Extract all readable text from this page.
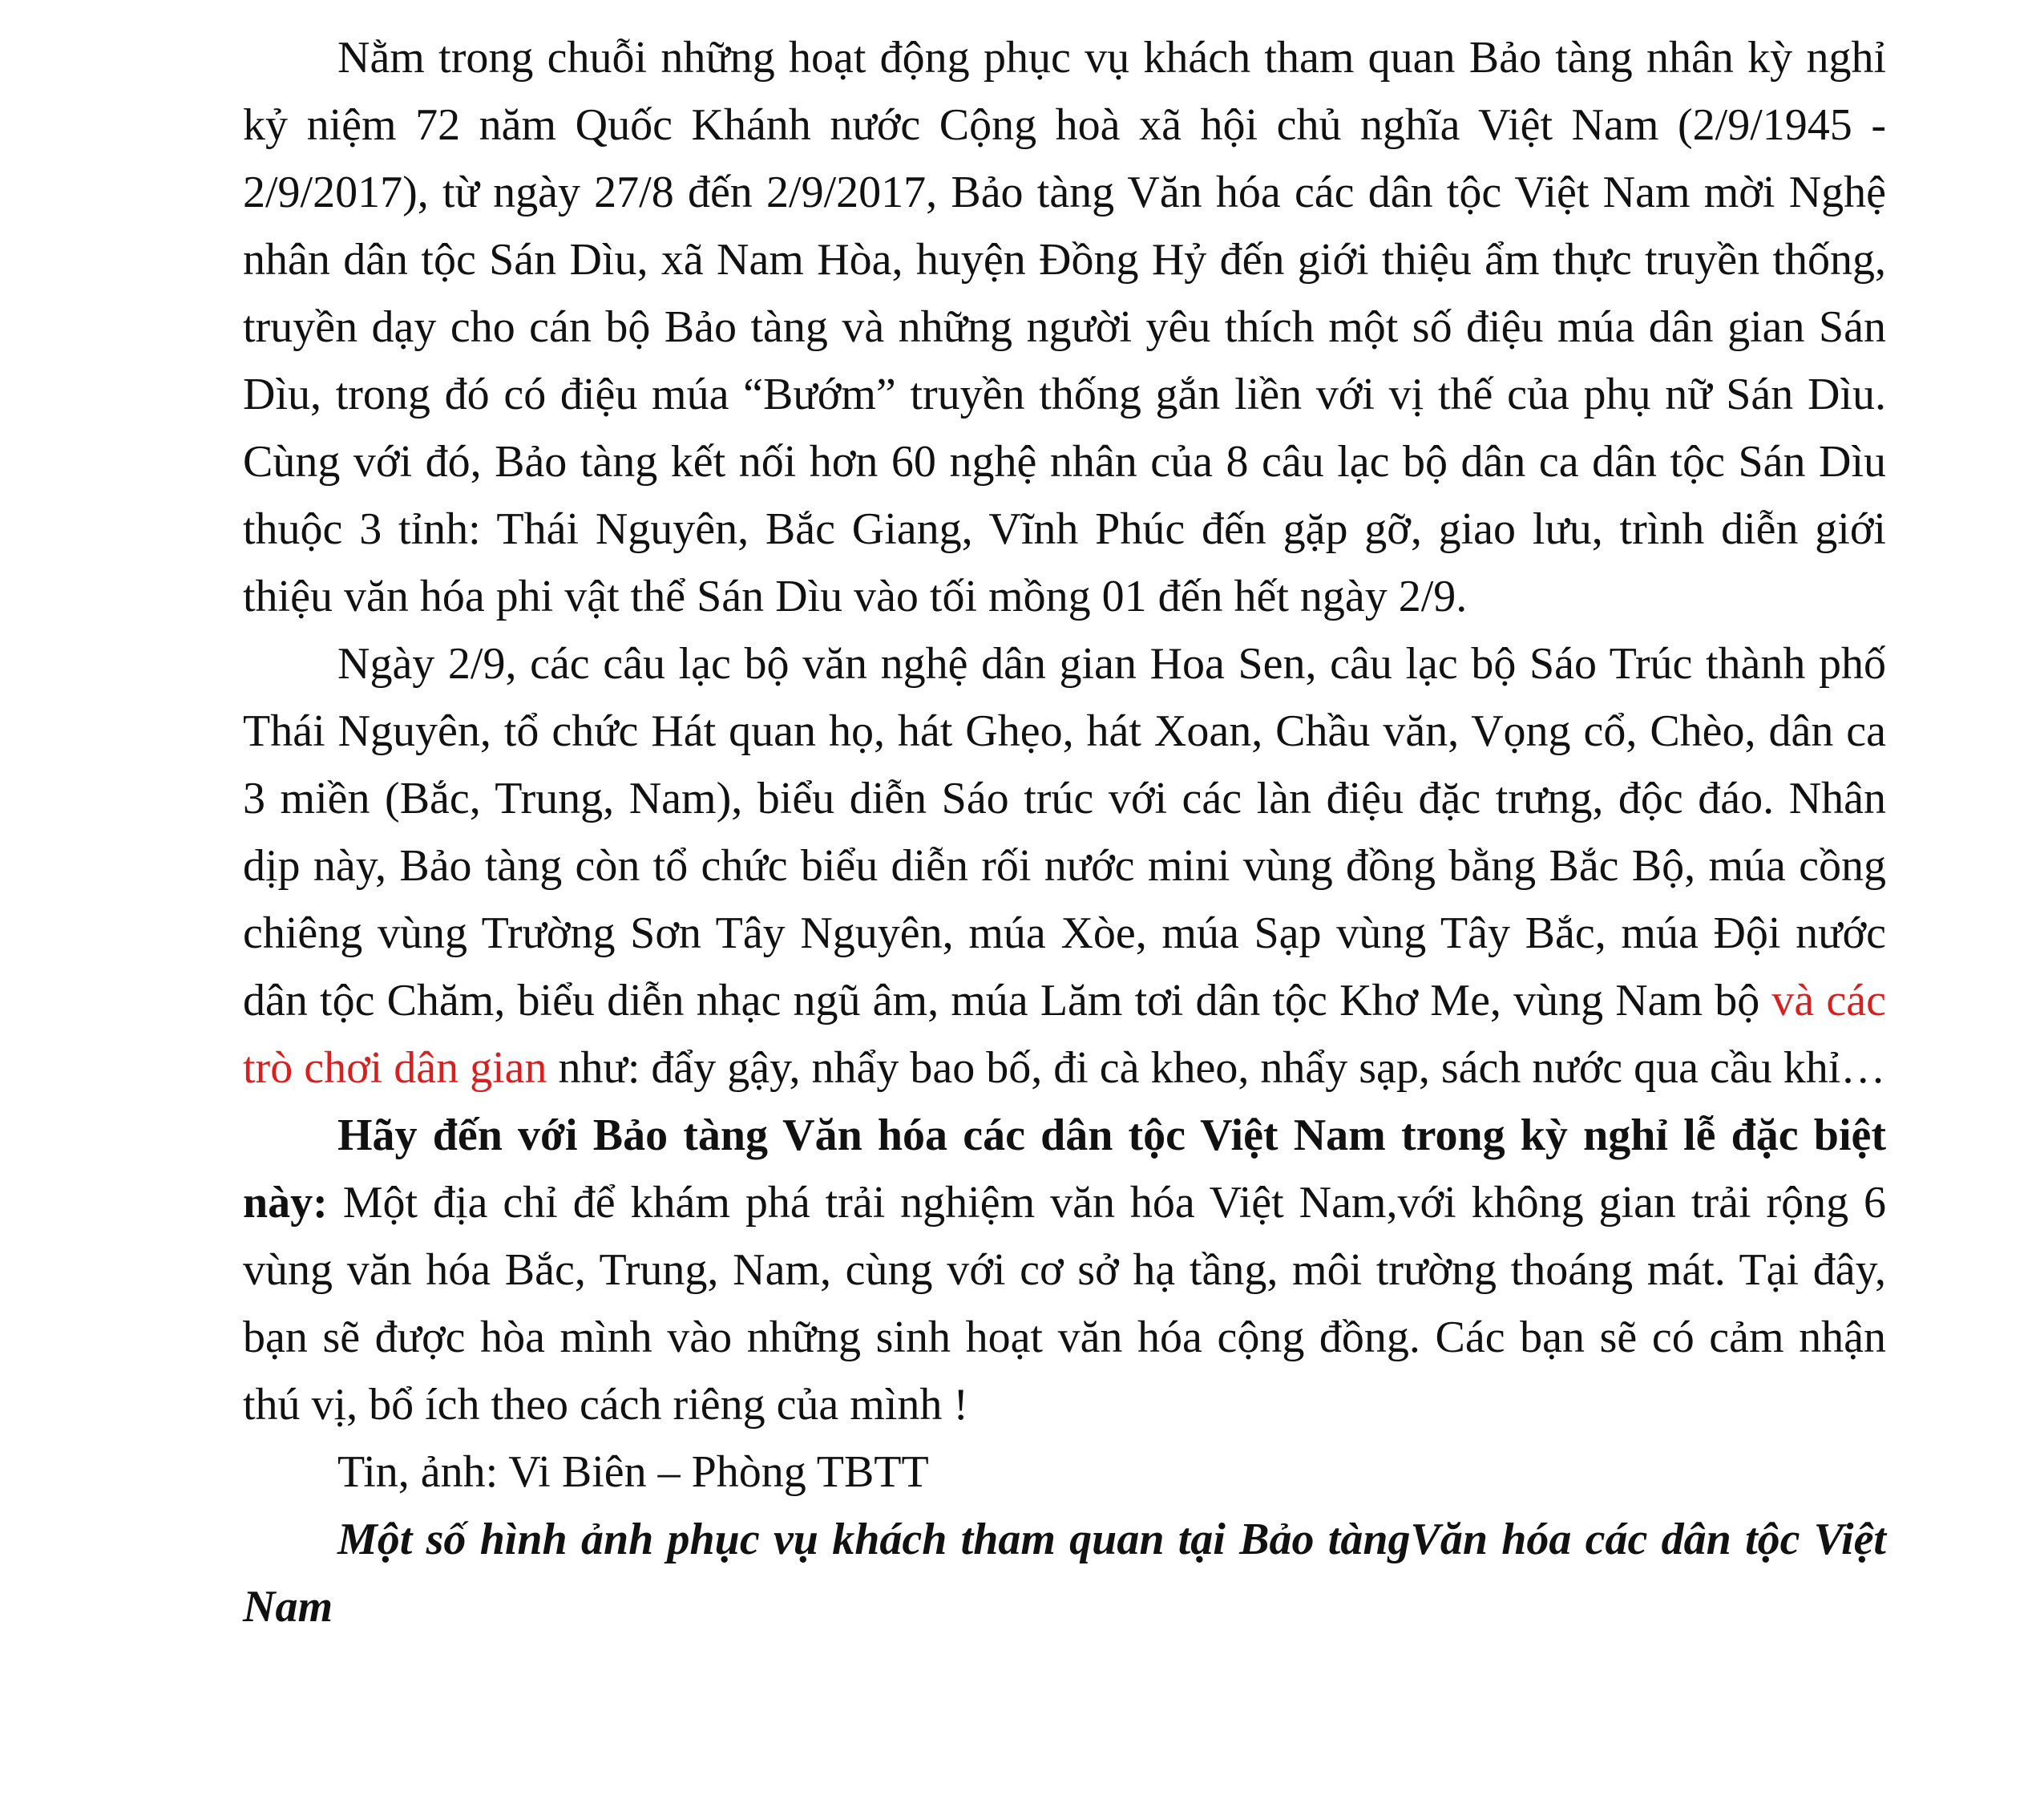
Nằm trong chuỗi những hoạt động phục vụ khách tham quan Bảo tàng nhân kỳ nghỉ kỷ niệm 72 năm Quốc Khánh nước Cộng hoà xã hội chủ nghĩa Việt Nam (2/9/1945 - 2/9/2017), từ ngày 27/8 đến 2/9/2017, Bảo tàng Văn hóa các dân tộc Việt Nam mời Nghệ nhân dân tộc Sán Dìu, xã Nam Hòa, huyện Đồng Hỷ đến giới thiệu ẩm thực truyền thống, truyền dạy cho cán bộ Bảo tàng và những người yêu thích một số điệu múa dân gian Sán Dìu, trong đó có điệu múa “Bướm” truyền thống gắn liền với vị thế của phụ nữ Sán Dìu. Cùng với đó, Bảo tàng kết nối hơn 60 nghệ nhân của 8 câu lạc bộ dân ca dân tộc Sán Dìu thuộc 3 tỉnh: Thái Nguyên, Bắc Giang, Vĩnh Phúc đến gặp gỡ, giao lưu, trình diễn giới thiệu văn hóa phi vật thể Sán Dìu vào tối mồng 01 đến hết ngày 2/9.

Ngày 2/9, các câu lạc bộ văn nghệ dân gian Hoa Sen, câu lạc bộ Sáo Trúc thành phố Thái Nguyên, tổ chức Hát quan họ, hát Ghẹo, hát Xoan, Chầu văn, Vọng cổ, Chèo, dân ca 3 miền (Bắc, Trung, Nam), biểu diễn Sáo trúc với các làn điệu đặc trưng, độc đáo. Nhân dịp này, Bảo tàng còn tổ chức biểu diễn rối nước mini vùng đồng bằng Bắc Bộ, múa cồng chiêng vùng Trường Sơn Tây Nguyên, múa Xòe, múa Sạp vùng Tây Bắc, múa Đội nước dân tộc Chăm, biểu diễn nhạc ngũ âm, múa Lăm tơi dân tộc Khơ Me, vùng Nam bộ và các trò chơi dân gian như: đẩy gậy, nhẩy bao bố, đi cà kheo, nhẩy sạp, sách nước qua cầu khỉ…

Hãy đến với Bảo tàng Văn hóa các dân tộc Việt Nam trong kỳ nghỉ lễ đặc biệt này: Một địa chỉ để khám phá trải nghiệm văn hóa Việt Nam,với không gian trải rộng 6 vùng văn hóa Bắc, Trung, Nam, cùng với cơ sở hạ tầng, môi trường thoáng mát. Tại đây, bạn sẽ được hòa mình vào những sinh hoạt văn hóa cộng đồng. Các bạn sẽ có cảm nhận thú vị, bổ ích theo cách riêng của mình !

Tin, ảnh: Vi Biên – Phòng TBTT

Một số hình ảnh phục vụ khách tham quan tại Bảo tàngVăn hóa các dân tộc Việt Nam
